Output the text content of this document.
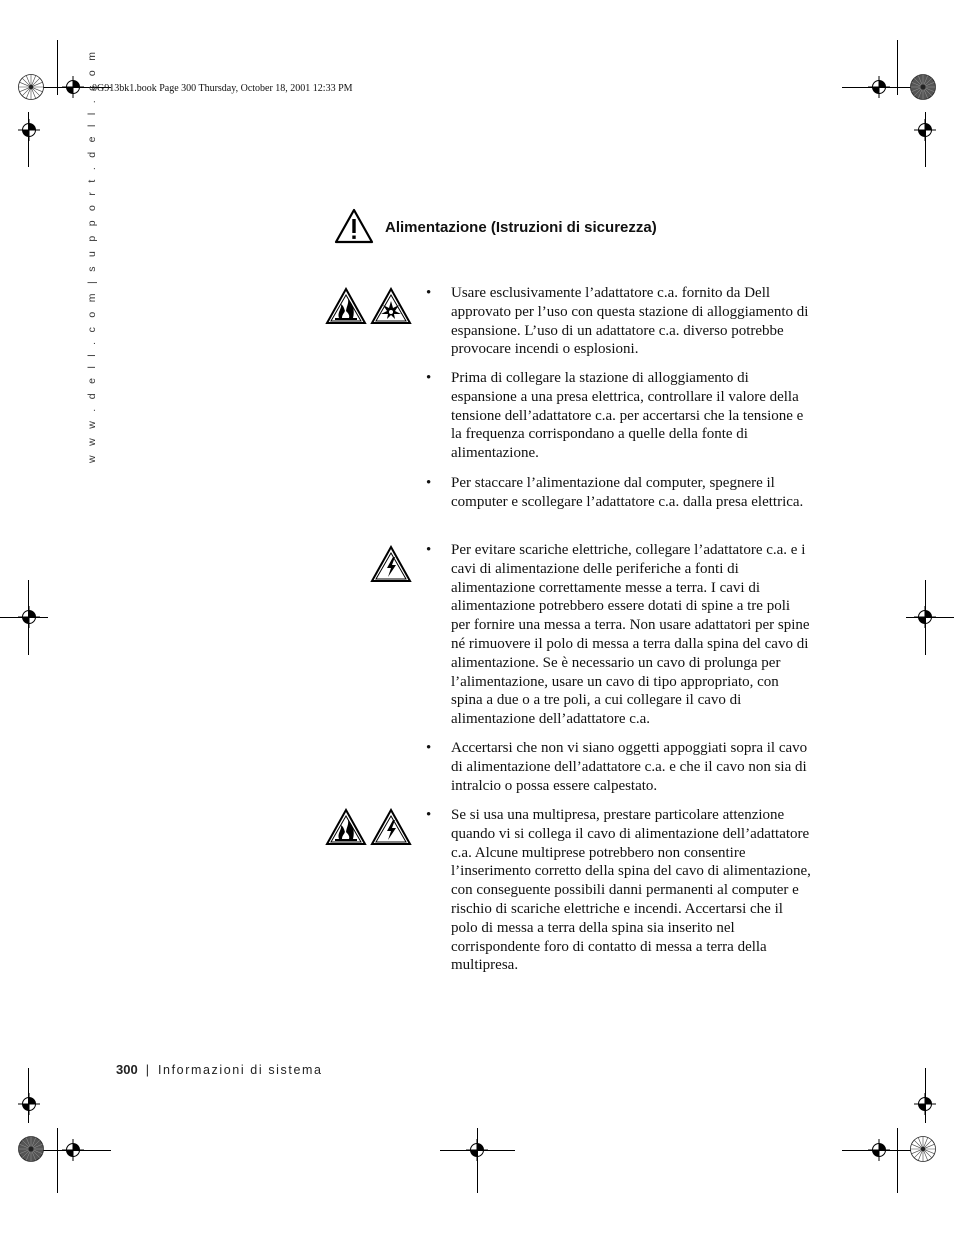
0G913bk1.book Page 300 Thursday, October 18, 2001 12:33 PM
w w w . d e l l . c o m | s u p p o r t . d e l l . c o m	Alimentazione (Istruzioni di sicurezza)
• Usare esclusivamente l’adattatore c.a. fornito da Dell approvato per l’uso con questa stazione di alloggiamento di espansione. L’uso di un adattatore c.a. diverso potrebbe provocare incendi o esplosioni.
• Prima di collegare la stazione di alloggiamento di espansione a una presa elettrica, controllare il valore della tensione dell’adattatore c.a. per accertarsi che la tensione e la frequenza corrispondano a quelle della fonte di alimentazione.
• Per staccare l’alimentazione dal computer, spegnere il computer e scollegare l’adattatore c.a. dalla presa elettrica.
• Per evitare scariche elettriche, collegare l’adattatore c.a. e i cavi di alimentazione delle periferiche a fonti di alimentazione correttamente messe a terra. I cavi di alimentazione potrebbero essere dotati di spine a tre poli per fornire una messa a terra. Non usare adattatori per spine né rimuovere il polo di messa a terra dalla spina del cavo di alimentazione. Se è necessario un cavo di prolunga per l’alimentazione, usare un cavo di tipo appropriato, con spina a due o a tre poli, a cui collegare il cavo di alimentazione dell’adattatore c.a.
• Accertarsi che non vi siano oggetti appoggiati sopra il cavo di alimentazione dell’adattatore c.a. e che il cavo non sia di intralcio o possa essere calpestato.
• Se si usa una multipresa, prestare particolare attenzione quando vi si collega il cavo di alimentazione dell’adattatore c.a. Alcune multiprese potrebbero non consentire l’inserimento corretto della spina del cavo di alimentazione, con conseguente possibili danni permanenti al computer e rischio di scariche elettriche e incendi. Accertarsi che il polo di messa a terra della spina sia inserito nel corrispondente foro di contatto di messa a terra della multipresa.
300 | Informazioni di sistema
